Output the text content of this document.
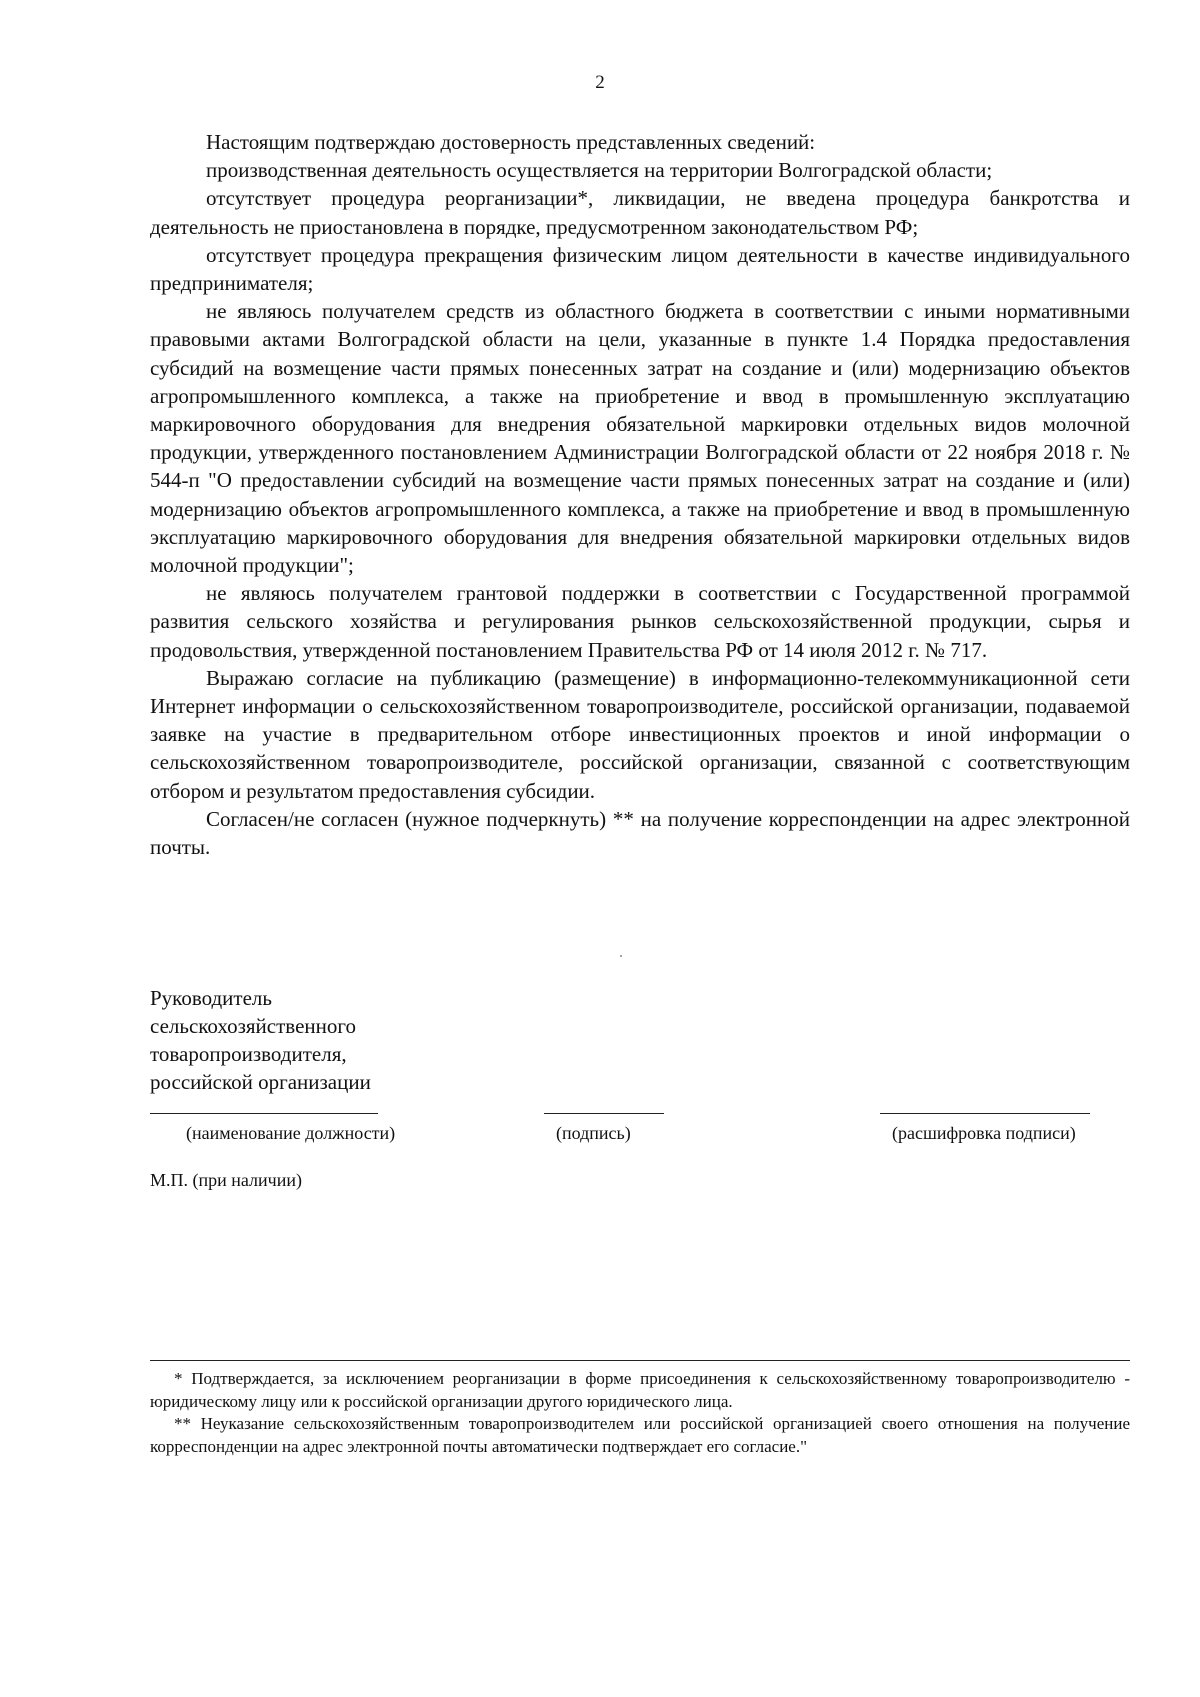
2

Настоящим подтверждаю достоверность представленных сведений:

производственная деятельность осуществляется на территории Волгоградской области;

отсутствует процедура реорганизации*, ликвидации, не введена процедура банкротства и деятельность не приостановлена в порядке, предусмотренном законодательством РФ;

отсутствует процедура прекращения физическим лицом деятельности в качестве индивидуального предпринимателя;

не являюсь получателем средств из областного бюджета в соответствии с иными нормативными правовыми актами Волгоградской области на цели, указанные в пункте 1.4 Порядка предоставления субсидий на возмещение части прямых понесенных затрат на создание и (или) модернизацию объектов агропромышленного комплекса, а также на приобретение и ввод в промышленную эксплуатацию маркировочного оборудования для внедрения обязательной маркировки отдельных видов молочной продукции, утвержденного постановлением Администрации Волгоградской области от 22 ноября 2018 г. № 544-п "О предоставлении субсидий на возмещение части прямых понесенных затрат на создание и (или) модернизацию объектов агропромышленного комплекса, а также на приобретение и ввод в промышленную эксплуатацию маркировочного оборудования для внедрения обязательной маркировки отдельных видов молочной продукции";

не являюсь получателем грантовой поддержки в соответствии с Государственной программой развития сельского хозяйства и регулирования рынков сельскохозяйственной продукции, сырья и продовольствия, утвержденной постановлением Правительства РФ от 14 июля 2012 г. № 717.

Выражаю согласие на публикацию (размещение) в информационно-телекоммуникационной сети Интернет информации о сельскохозяйственном товаропроизводителе, российской организации, подаваемой заявке на участие в предварительном отборе инвестиционных проектов и иной информации о сельскохозяйственном товаропроизводителе, российской организации, связанной с соответствующим отбором и результатом предоставления субсидии.

Согласен/не согласен (нужное подчеркнуть) ** на получение корреспонденции на адрес электронной почты.

Руководитель
сельскохозяйственного
товаропроизводителя,
российской организации
(наименование должности)	(подпись)	(расшифровка подписи)
М.П. (при наличии)

* Подтверждается, за исключением реорганизации в форме присоединения к сельскохозяйственному товаропроизводителю - юридическому лицу или к российской организации другого юридического лица.

** Неуказание сельскохозяйственным товаропроизводителем или российской организацией своего отношения на получение корреспонденции на адрес электронной почты автоматически подтверждает его согласие."
